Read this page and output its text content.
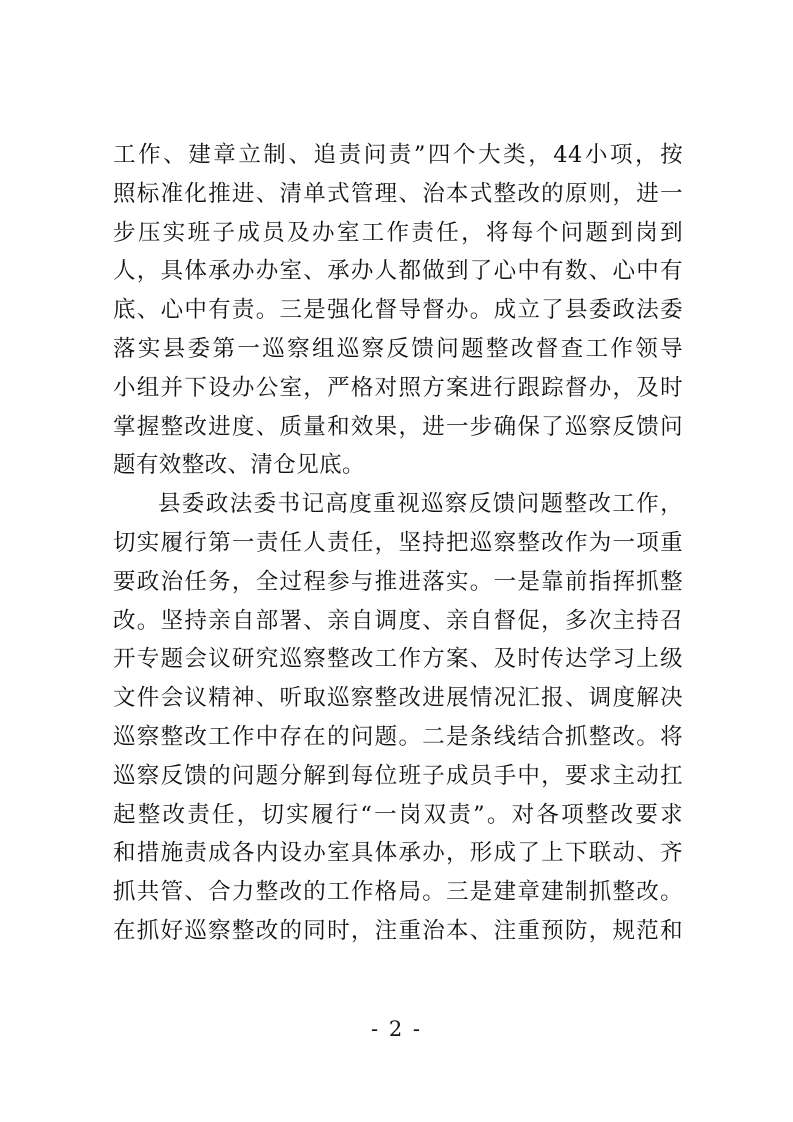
工作、建章立制、追责问责”四个大类，44小项，按
照标准化推进、清单式管理、治本式整改的原则，进一
步压实班子成员及办室工作责任，将每个问题到岗到
人，具体承办办室、承办人都做到了心中有数、心中有
底、心中有责。三是强化督导督办。成立了县委政法委
落实县委第一巡察组巡察反馈问题整改督查工作领导
小组并下设办公室，严格对照方案进行跟踪督办，及时
掌握整改进度、质量和效果，进一步确保了巡察反馈问
题有效整改、清仓见底。
县委政法委书记高度重视巡察反馈问题整改工作，
切实履行第一责任人责任，坚持把巡察整改作为一项重
要政治任务，全过程参与推进落实。一是靠前指挥抓整
改。坚持亲自部署、亲自调度、亲自督促，多次主持召
开专题会议研究巡察整改工作方案、及时传达学习上级
文件会议精神、听取巡察整改进展情况汇报、调度解决
巡察整改工作中存在的问题。二是条线结合抓整改。将
巡察反馈的问题分解到每位班子成员手中，要求主动扛
起整改责任，切实履行“一岗双责”。对各项整改要求
和措施责成各内设办室具体承办，形成了上下联动、齐
抓共管、合力整改的工作格局。三是建章建制抓整改。
在抓好巡察整改的同时，注重治本、注重预防，规范和
- 2 -
